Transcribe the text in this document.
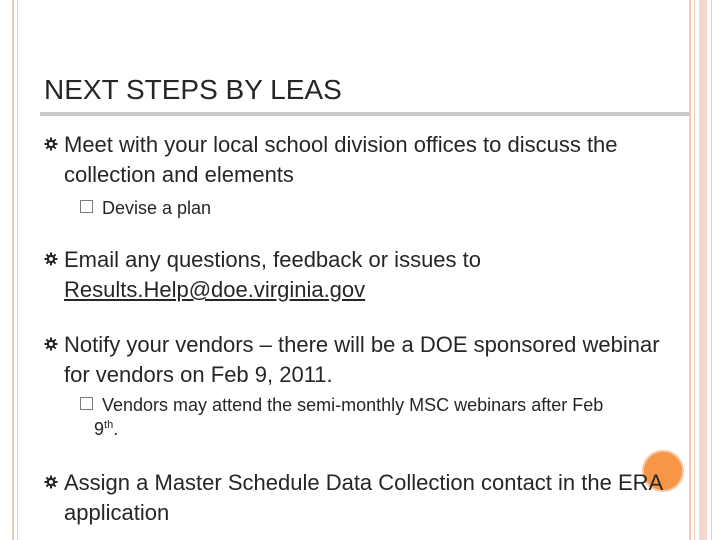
NEXT STEPS BY LEAS
Meet with your local school division offices to discuss the collection and elements
Devise a plan
Email any questions, feedback or issues to
Results.Help@doe.virginia.gov
Notify your vendors – there will be a DOE sponsored webinar for vendors on Feb 9, 2011.
Vendors may attend the semi-monthly MSC webinars after Feb
9th.
Assign a Master Schedule Data Collection contact in the ERA application
